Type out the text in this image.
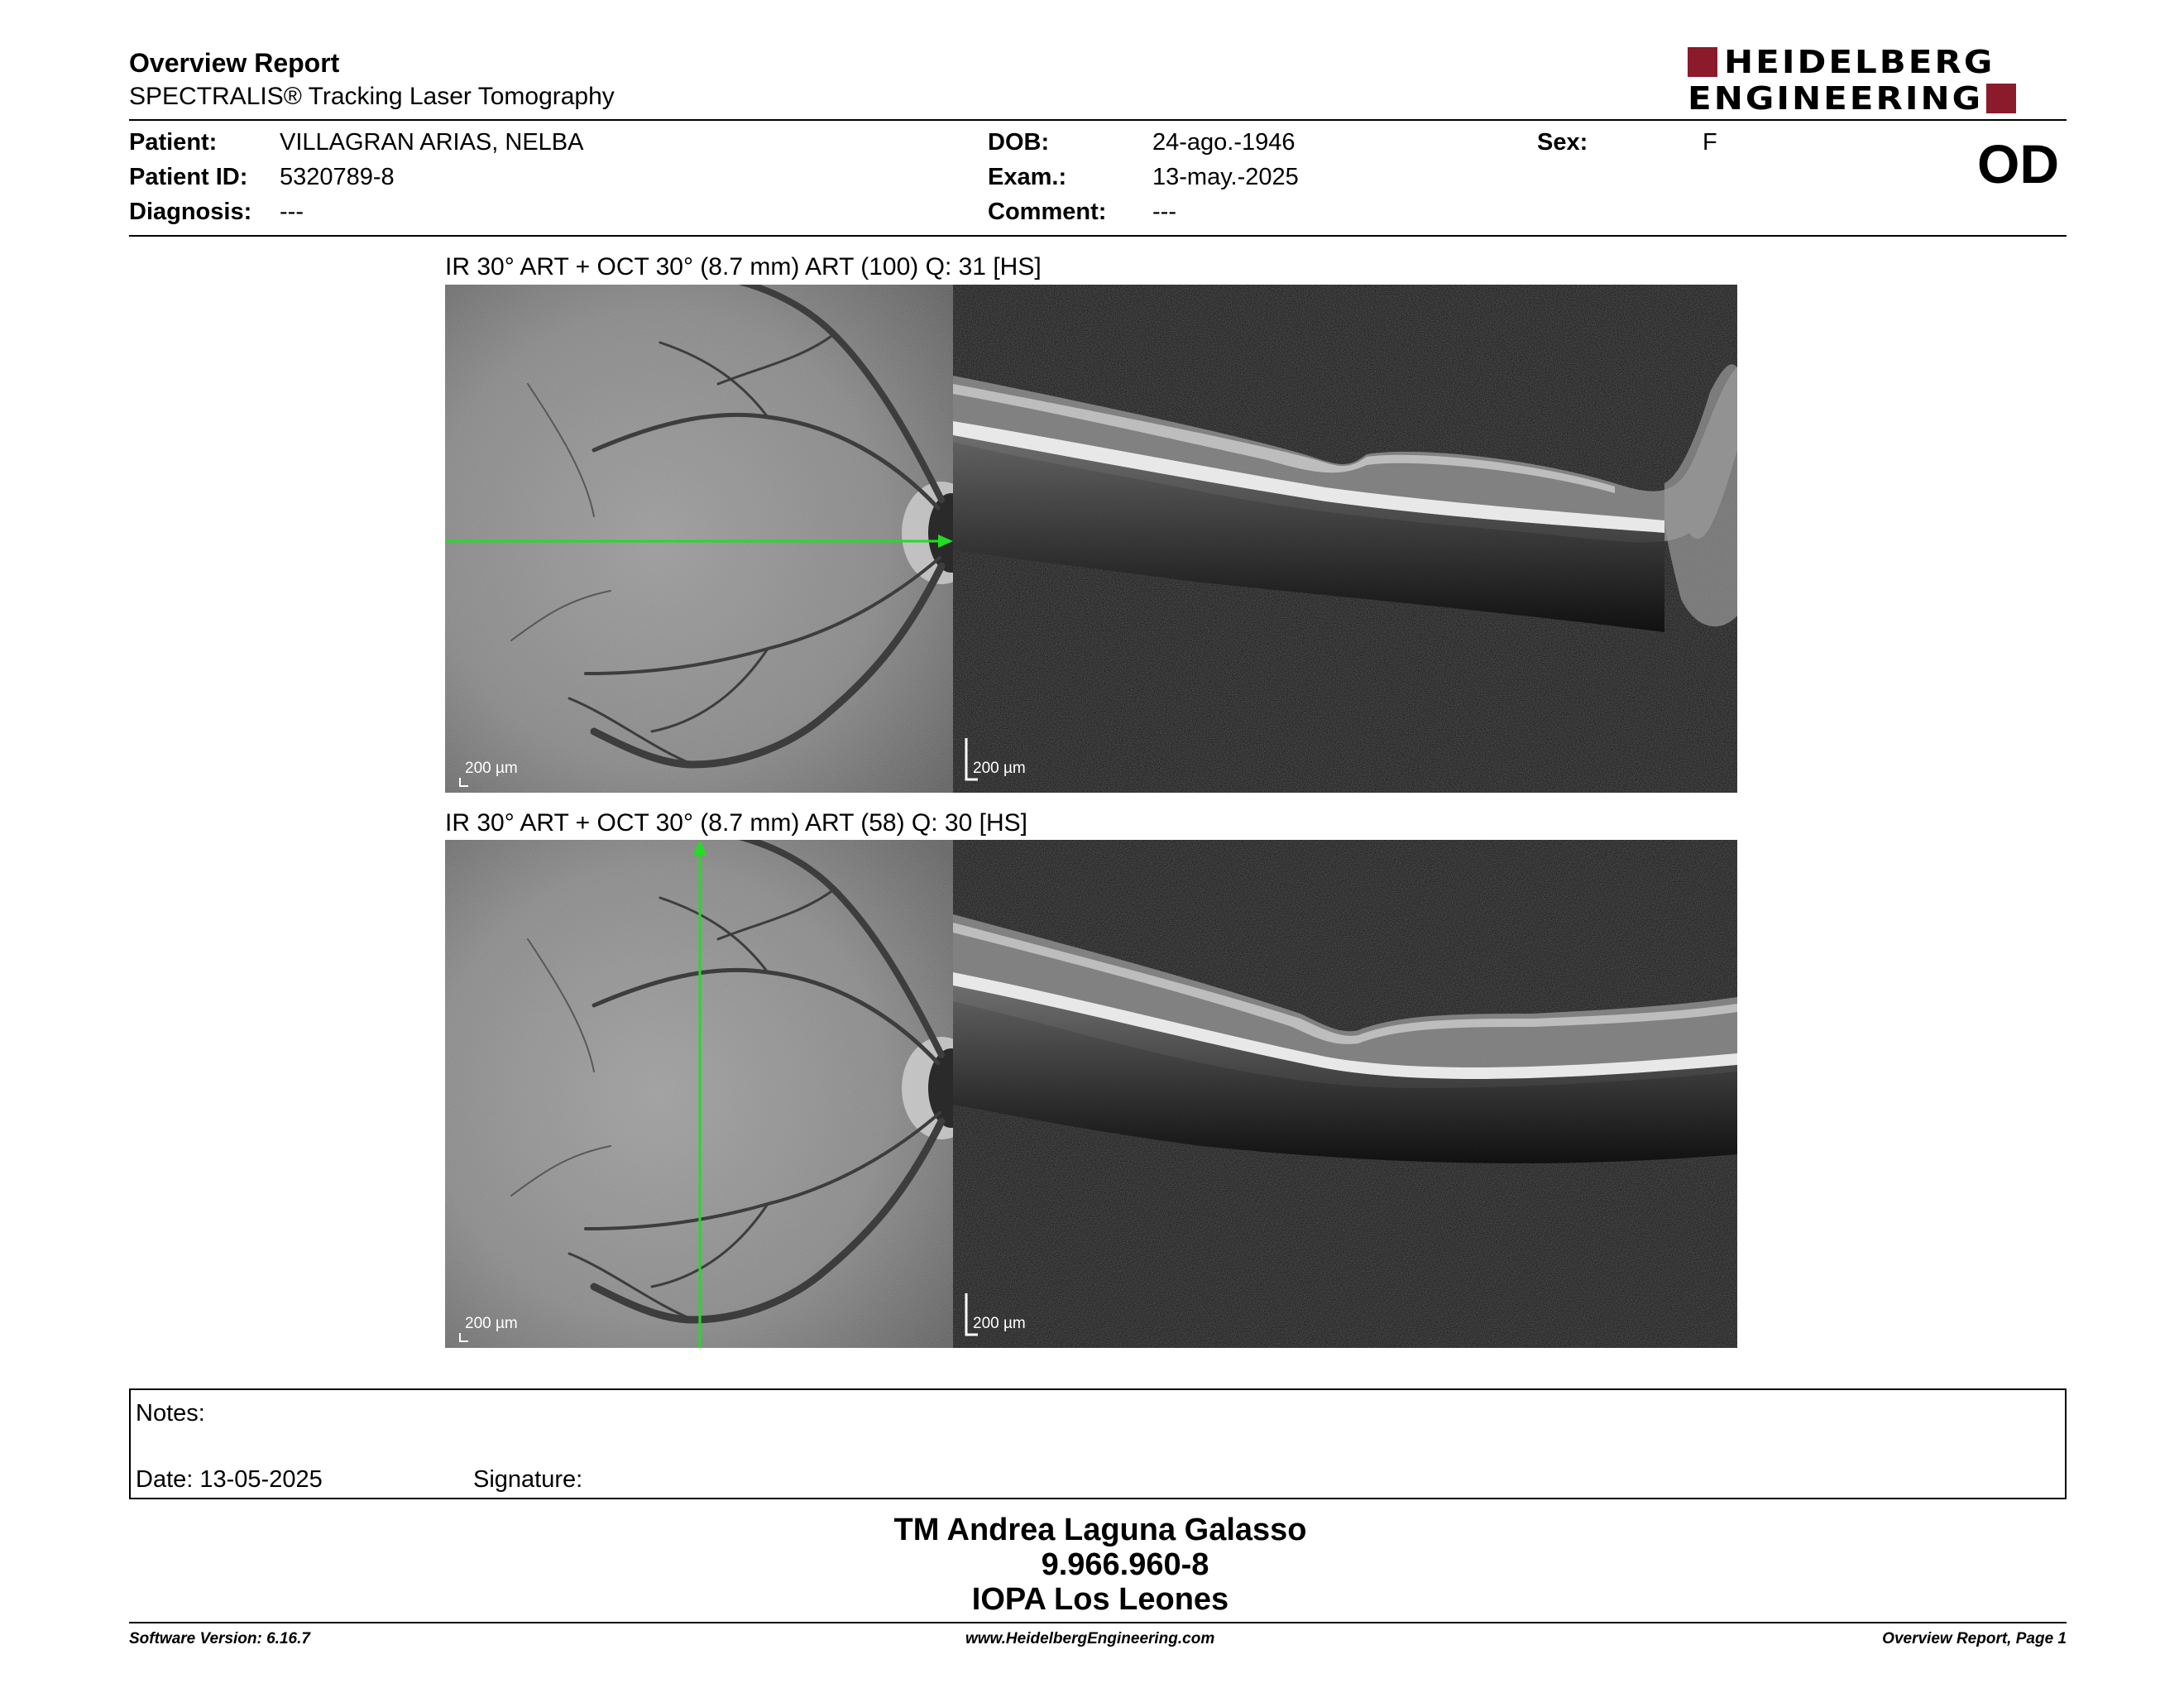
Overview Report
SPECTRALIS® Tracking Laser Tomography
HEIDELBERG
ENGINEERING
Patient:	VILLAGRAN ARIAS, NELBA
Patient ID: 5320789-8
Diagnosis: ---
DOB:	24-ago.-1946
Exam.:	13-may.-2025
Comment: ---
Sex:	F	OD
IR 30° ART + OCT 30° (8.7 mm) ART (100) Q: 31 [HS]
200 µm	200 µm
IR 30° ART + OCT 30° (8.7 mm) ART (58) Q: 30 [HS]
200 µm	200 µm
Notes:
Date: 13-05-2025	Signature:
TM Andrea Laguna Galasso
9.966.960-8
IOPA Los Leones
Software Version: 6.16.7	www.HeidelbergEngineering.com	Overview Report, Page 1
